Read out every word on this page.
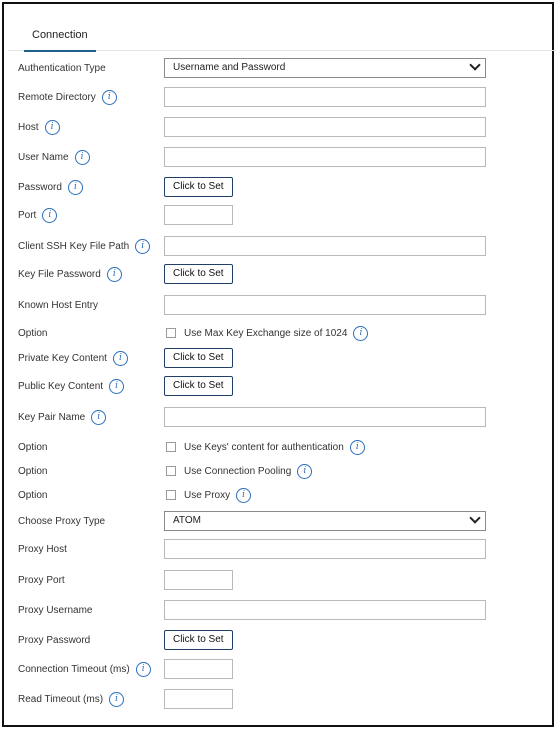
Connection
Authentication Type	Username and Password
Remote Directory i
Host i
User Name i
Password i	Click to Set
Port i
Client SSH Key File Path i
Key File Password i	Click to Set
Known Host Entry
Option	Use Max Key Exchange size of 1024 i
Private Key Content i	Click to Set
Public Key Content i	Click to Set
Key Pair Name i
Option	Use Keys' content for authentication i
Option	Use Connection Pooling i
Option	Use Proxy i
Choose Proxy Type	ATOM
Proxy Host
Proxy Port
Proxy Username
Proxy Password	Click to Set
Connection Timeout (ms) i
Read Timeout (ms) i
